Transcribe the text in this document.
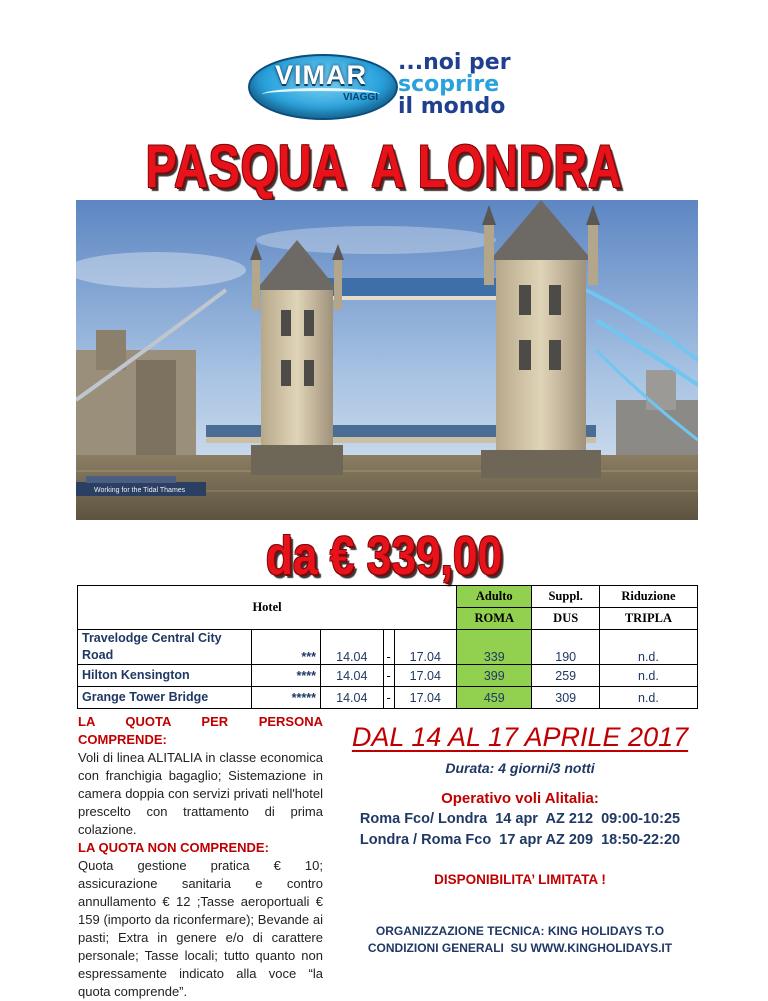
VIMAR
VIAGGI
...noi per
scoprire
il mondo
PASQUA  A LONDRA
Working for the Tidal Thames
da € 339,00
Hotel					Adulto	Suppl.	Riduzione
					ROMA	DUS	TRIPLA
Travelodge Central City Road	***	14.04	-	17.04	339	190	n.d.
Hilton Kensington	****	14.04	-	17.04	399	259	n.d.
Grange Tower Bridge	*****	14.04	-	17.04	459	309	n.d.

LA QUOTA PER PERSONA COMPRENDE:

Voli di linea ALITALIA in classe economica con franchigia bagaglio; Sistemazione in camera doppia con servizi privati nell'hotel prescelto con trattamento di prima colazione.

LA QUOTA NON COMPRENDE:

Quota gestione pratica € 10; assicurazione sanitaria e contro annullamento € 12 ;Tasse aeroportuali € 159 (importo da riconfermare); Bevande ai pasti; Extra in genere e/o di carattere personale; Tasse locali; tutto quanto non espressamente indicato alla voce “la quota comprende”.

DAL 14 AL 17 APRILE 2017
Durata: 4 giorni/3 notti
Operativo voli Alitalia:
Roma Fco/ Londra  14 apr  AZ 212  09:00-10:25
Londra / Roma Fco  17 apr AZ 209  18:50-22:20
DISPONIBILITA’ LIMITATA !
ORGANIZZAZIONE TECNICA: KING HOLIDAYS T.O
CONDIZIONI GENERALI  SU WWW.KINGHOLIDAYS.IT
